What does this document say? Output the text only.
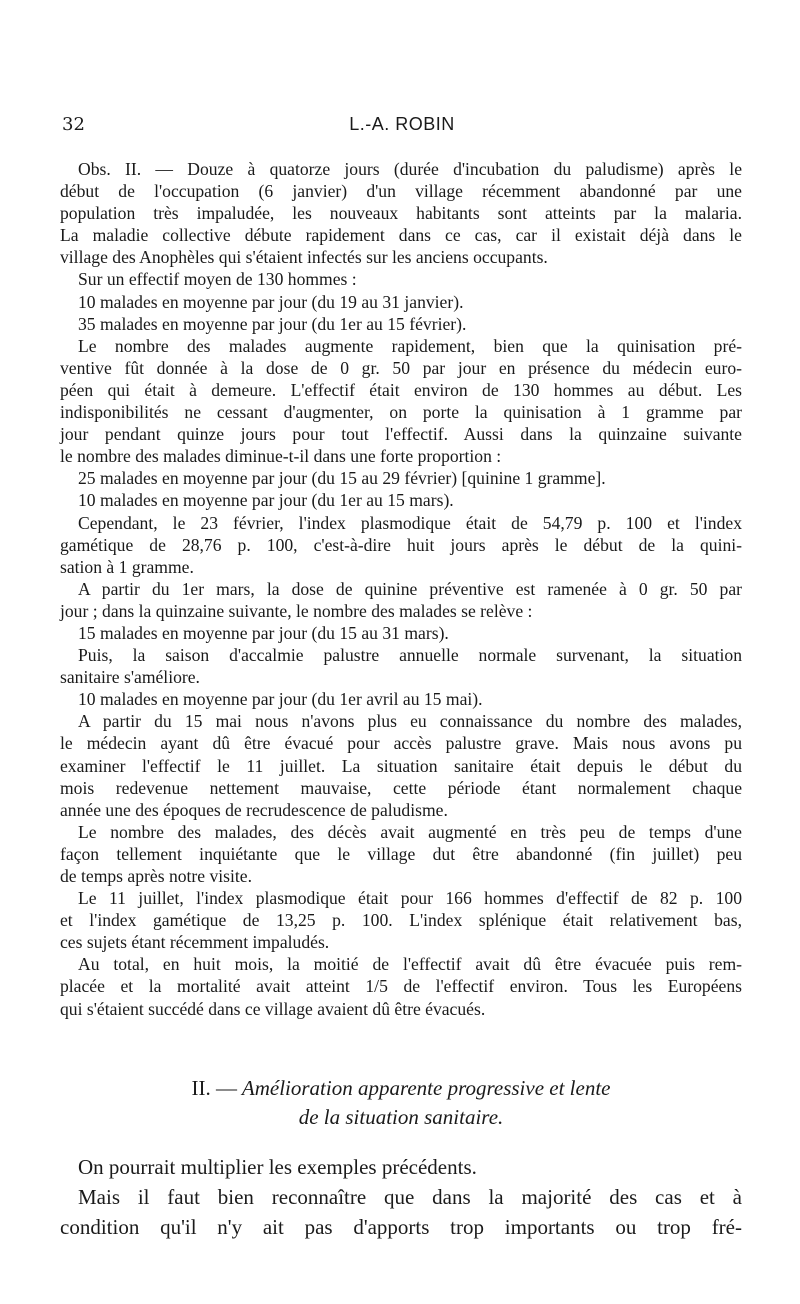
32	L.-A. ROBIN
Obs. II. — Douze à quatorze jours (durée d'incubation du paludisme) après le
début de l'occupation (6 janvier) d'un village récemment abandonné par une
population très impaludée, les nouveaux habitants sont atteints par la malaria.
La maladie collective débute rapidement dans ce cas, car il existait déjà dans le
village des Anophèles qui s'étaient infectés sur les anciens occupants.
Sur un effectif moyen de 130 hommes :
10 malades en moyenne par jour (du 19 au 31 janvier).
35 malades en moyenne par jour (du 1er au 15 février).
Le nombre des malades augmente rapidement, bien que la quinisation pré-
ventive fût donnée à la dose de 0 gr. 50 par jour en présence du médecin euro-
péen qui était à demeure. L'effectif était environ de 130 hommes au début. Les
indisponibilités ne cessant d'augmenter, on porte la quinisation à 1 gramme par
jour pendant quinze jours pour tout l'effectif. Aussi dans la quinzaine suivante
le nombre des malades diminue-t-il dans une forte proportion :
25 malades en moyenne par jour (du 15 au 29 février) [quinine 1 gramme].
10 malades en moyenne par jour (du 1er au 15 mars).
Cependant, le 23 février, l'index plasmodique était de 54,79 p. 100 et l'index
gamétique de 28,76 p. 100, c'est-à-dire huit jours après le début de la quini-
sation à 1 gramme.
A partir du 1er mars, la dose de quinine préventive est ramenée à 0 gr. 50 par
jour ; dans la quinzaine suivante, le nombre des malades se relève :
15 malades en moyenne par jour (du 15 au 31 mars).
Puis, la saison d'accalmie palustre annuelle normale survenant, la situation
sanitaire s'améliore.
10 malades en moyenne par jour (du 1er avril au 15 mai).
A partir du 15 mai nous n'avons plus eu connaissance du nombre des malades,
le médecin ayant dû être évacué pour accès palustre grave. Mais nous avons pu
examiner l'effectif le 11 juillet. La situation sanitaire était depuis le début du
mois redevenue nettement mauvaise, cette période étant normalement chaque
année une des époques de recrudescence de paludisme.
Le nombre des malades, des décès avait augmenté en très peu de temps d'une
façon tellement inquiétante que le village dut être abandonné (fin juillet) peu
de temps après notre visite.
Le 11 juillet, l'index plasmodique était pour 166 hommes d'effectif de 82 p. 100
et l'index gamétique de 13,25 p. 100. L'index splénique était relativement bas,
ces sujets étant récemment impaludés.
Au total, en huit mois, la moitié de l'effectif avait dû être évacuée puis rem-
placée et la mortalité avait atteint 1/5 de l'effectif environ. Tous les Européens
qui s'étaient succédé dans ce village avaient dû être évacués.
II. — Amélioration apparente progressive et lente
de la situation sanitaire.
On pourrait multiplier les exemples précédents.
Mais il faut bien reconnaître que dans la majorité des cas et à
condition qu'il n'y ait pas d'apports trop importants ou trop fré-
